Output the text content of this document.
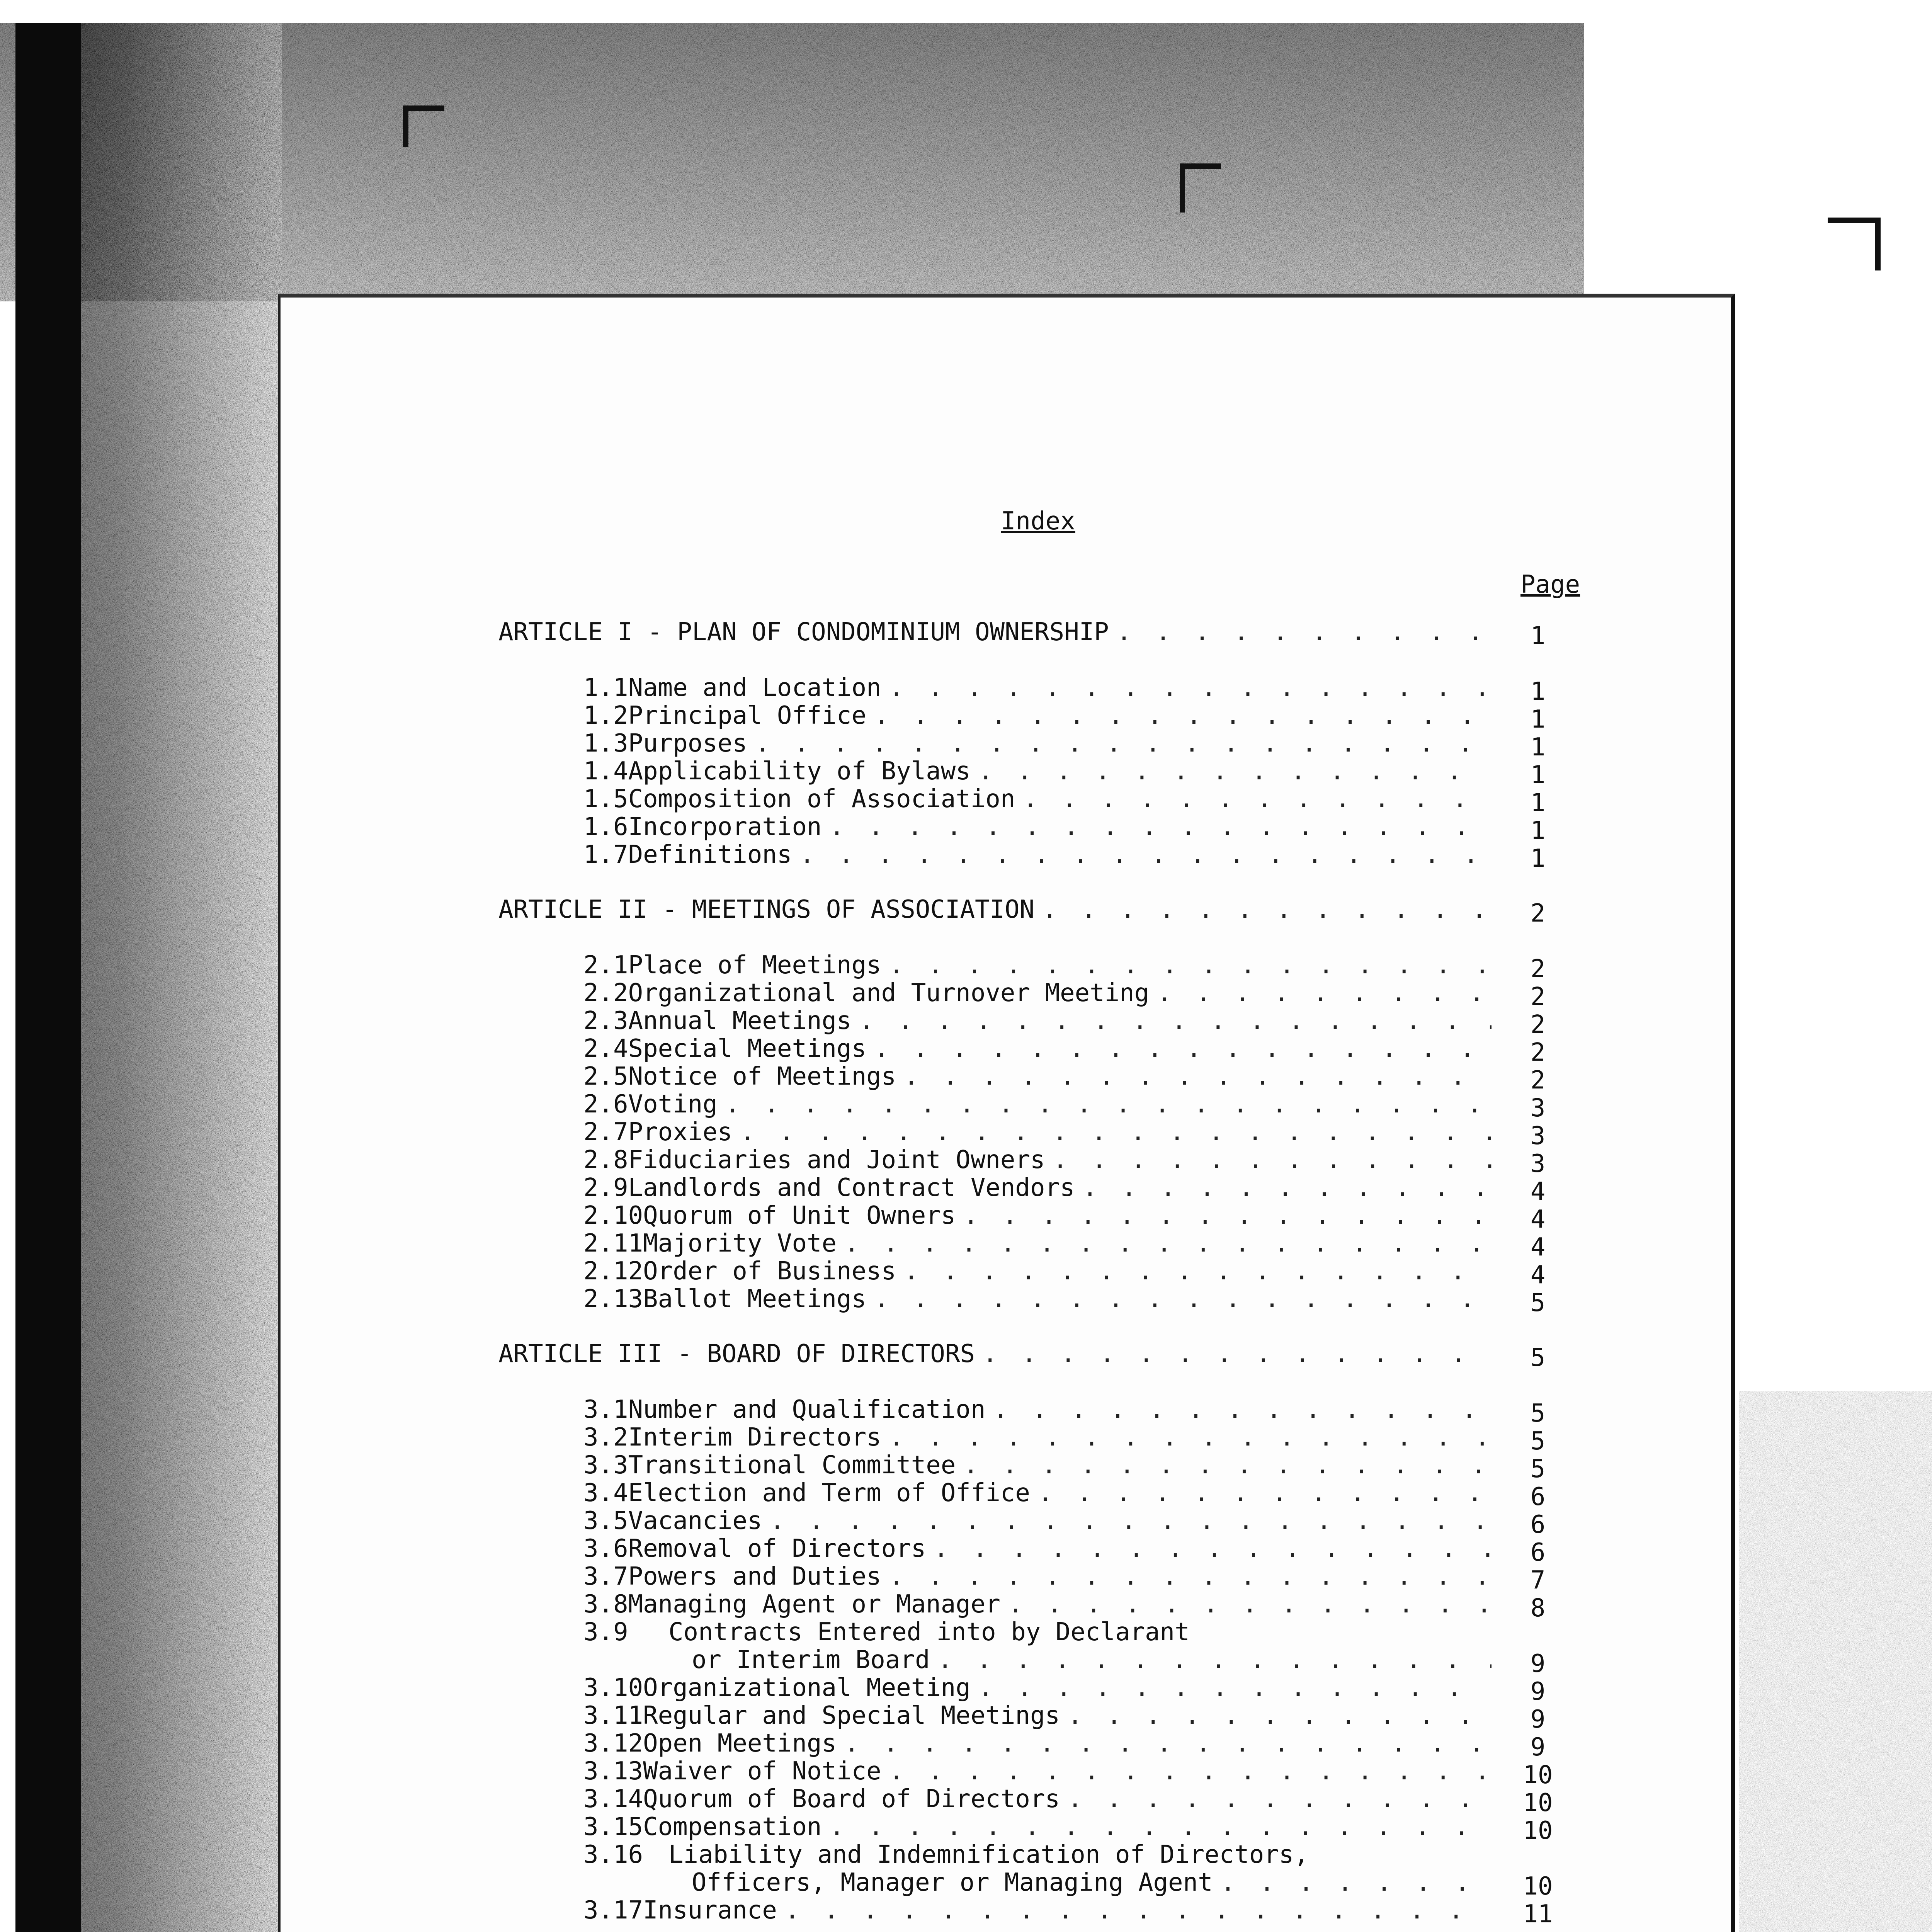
Index
Page
ARTICLE I - PLAN OF CONDOMINIUM OWNERSHIP . . .	1
1.1 Name and Location . . .	1
1.2 Principal Office . . .	1
1.3 Purposes . . .	1
1.4 Applicability of Bylaws . . .	1
1.5 Composition of Association . . .	1
1.6 Incorporation . . .	1
1.7 Definitions . . .	1
ARTICLE II - MEETINGS OF ASSOCIATION . . .	2
2.1 Place of Meetings . . .	2
2.2 Organizational and Turnover Meeting . . .	2
2.3 Annual Meetings . . .	2
2.4 Special Meetings . . .	2
2.5 Notice of Meetings . . .	2
2.6 Voting . . .	3
2.7 Proxies . . .	3
2.8 Fiduciaries and Joint Owners . . .	3
2.9 Landlords and Contract Vendors . . .	4
2.10 Quorum of Unit Owners . . .	4
2.11 Majority Vote . . .	4
2.12 Order of Business . . .	4
2.13 Ballot Meetings . . .	5
ARTICLE III - BOARD OF DIRECTORS . . .	5
3.1 Number and Qualification . . .	5
3.2 Interim Directors . . .	5
3.3 Transitional Committee . . .	5
3.4 Election and Term of Office . . .	6
3.5 Vacancies . . .	6
3.6 Removal of Directors . . .	6
3.7 Powers and Duties . . .	7
3.8 Managing Agent or Manager . . .	8
3.9	Contracts Entered into by Declarant
or Interim Board . . .	9
3.10 Organizational Meeting . . .	9
3.11 Regular and Special Meetings . . .	9
3.12 Open Meetings . . .	9
3.13 Waiver of Notice . . .	10
3.14 Quorum of Board of Directors . . .	10
3.15 Compensation . . .	10
3.16	Liability and Indemnification of Directors,
Officers, Manager or Managing Agent . . .	10
3.17 Insurance . . .	11
